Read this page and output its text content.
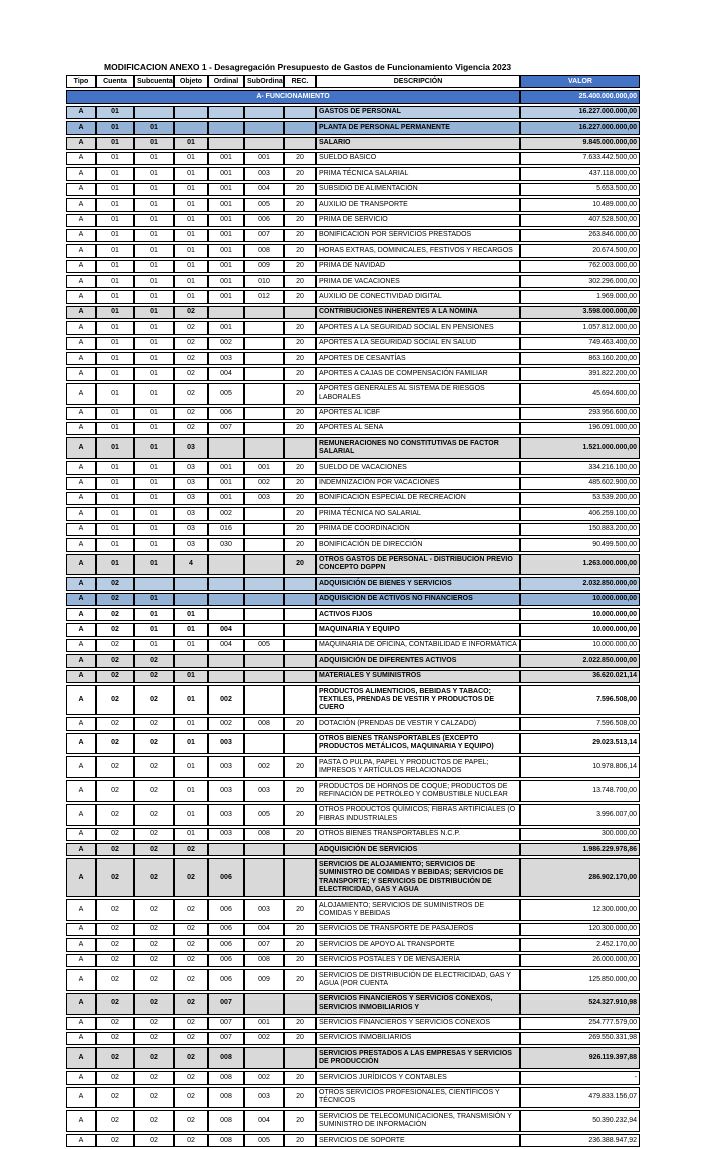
MODIFICACION ANEXO 1 - Desagregación Presupuesto de Gastos de Funcionamiento Vigencia 2023
Tipo	Cuenta	Subcuenta	Objeto	Ordinal	SubOrdinal	REC.	DESCRIPCIÓN	VALOR
A- FUNCIONAMIENTO								25.400.000.000,00
A	01						GASTOS DE PERSONAL	16.227.000.000,00
A	01	01					PLANTA DE PERSONAL PERMANENTE	16.227.000.000,00
A	01	01	01				SALARIO	9.845.000.000,00
A	01	01	01	001	001	20	SUELDO BÁSICO	7.633.442.500,00
A	01	01	01	001	003	20	PRIMA TÉCNICA SALARIAL	437.118.000,00
A	01	01	01	001	004	20	SUBSIDIO DE ALIMENTACIÓN	5.653.500,00
A	01	01	01	001	005	20	AUXILIO DE TRANSPORTE	10.489.000,00
A	01	01	01	001	006	20	PRIMA DE SERVICIO	407.528.500,00
A	01	01	01	001	007	20	BONIFICACIÓN POR SERVICIOS PRESTADOS	263.846.000,00
A	01	01	01	001	008	20	HORAS EXTRAS, DOMINICALES, FESTIVOS Y RECARGOS	20.674.500,00
A	01	01	01	001	009	20	PRIMA DE NAVIDAD	762.003.000,00
A	01	01	01	001	010	20	PRIMA DE VACACIONES	302.296.000,00
A	01	01	01	001	012	20	AUXILIO DE CONECTIVIDAD DIGITAL	1.969.000,00
A	01	01	02				CONTRIBUCIONES INHERENTES A LA NÓMINA	3.598.000.000,00
A	01	01	02	001		20	APORTES A LA SEGURIDAD SOCIAL EN PENSIONES	1.057.812.000,00
A	01	01	02	002		20	APORTES A LA SEGURIDAD SOCIAL EN SALUD	749.463.400,00
A	01	01	02	003		20	APORTES DE CESANTÍAS	863.160.200,00
A	01	01	02	004		20	APORTES A CAJAS DE COMPENSACIÓN FAMILIAR	391.822.200,00
A	01	01	02	005		20	APORTES GENERALES AL SISTEMA DE RIESGOS LABORALES	45.694.600,00
A	01	01	02	006		20	APORTES AL ICBF	293.956.600,00
A	01	01	02	007		20	APORTES AL SENA	196.091.000,00
A	01	01	03				REMUNERACIONES NO CONSTITUTIVAS DE FACTOR SALARIAL	1.521.000.000,00
A	01	01	03	001	001	20	SUELDO DE VACACIONES	334.216.100,00
A	01	01	03	001	002	20	INDEMNIZACIÓN POR VACACIONES	485.602.900,00
A	01	01	03	001	003	20	BONIFICACIÓN ESPECIAL DE RECREACIÓN	53.539.200,00
A	01	01	03	002		20	PRIMA TÉCNICA NO SALARIAL	406.259.100,00
A	01	01	03	016		20	PRIMA DE COORDINACIÓN	150.883.200,00
A	01	01	03	030		20	BONIFICACIÓN DE DIRECCIÓN	90.499.500,00
A	01	01	4			20	OTROS GASTOS DE PERSONAL - DISTRIBUCIÓN PREVIO CONCEPTO DGPPN	1.263.000.000,00
A	02						ADQUISICIÓN DE BIENES Y SERVICIOS	2.032.850.000,00
A	02	01					ADQUISICIÓN DE ACTIVOS NO FINANCIEROS	10.000.000,00
A	02	01	01				ACTIVOS FIJOS	10.000.000,00
A	02	01	01	004			MAQUINARIA Y EQUIPO	10.000.000,00
A	02	01	01	004	005		MAQUINARIA DE OFICINA, CONTABILIDAD E INFORMÁTICA	10.000.000,00
A	02	02					ADQUISICIÓN DE DIFERENTES ACTIVOS	2.022.850.000,00
A	02	02	01				MATERIALES Y SUMINISTROS	36.620.021,14
A	02	02	01	002			PRODUCTOS ALIMENTICIOS, BEBIDAS Y TABACO; TEXTILES, PRENDAS DE VESTIR Y PRODUCTOS DE CUERO	7.596.508,00
A	02	02	01	002	008	20	DOTACIÓN (PRENDAS DE VESTIR Y CALZADO)	7.596.508,00
A	02	02	01	003			OTROS BIENES TRANSPORTABLES (EXCEPTO PRODUCTOS METÁLICOS, MAQUINARIA Y EQUIPO)	29.023.513,14
A	02	02	01	003	002	20	PASTA O PULPA, PAPEL Y PRODUCTOS DE PAPEL; IMPRESOS Y ARTÍCULOS RELACIONADOS	10.978.806,14
A	02	02	01	003	003	20	PRODUCTOS DE HORNOS DE COQUE; PRODUCTOS DE REFINACIÓN DE PETRÓLEO Y COMBUSTIBLE NUCLEAR	13.748.700,00
A	02	02	01	003	005	20	OTROS PRODUCTOS QUÍMICOS; FIBRAS ARTIFICIALES (O FIBRAS INDUSTRIALES	3.996.007,00
A	02	02	01	003	008	20	OTROS BIENES TRANSPORTABLES N.C.P.	300.000,00
A	02	02	02				ADQUISICIÓN DE SERVICIOS	1.986.229.978,86
A	02	02	02	006			SERVICIOS DE ALOJAMIENTO; SERVICIOS DE SUMINISTRO DE COMIDAS Y BEBIDAS; SERVICIOS DE TRANSPORTE; Y SERVICIOS DE DISTRIBUCIÓN DE ELECTRICIDAD, GAS Y AGUA	286.902.170,00
A	02	02	02	006	003	20	ALOJAMIENTO; SERVICIOS DE SUMINISTROS DE COMIDAS Y BEBIDAS	12.300.000,00
A	02	02	02	006	004	20	SERVICIOS DE TRANSPORTE DE PASAJEROS	120.300.000,00
A	02	02	02	006	007	20	SERVICIOS DE APOYO AL TRANSPORTE	2.452.170,00
A	02	02	02	006	008	20	SERVICIOS POSTALES Y DE MENSAJERÍA	26.000.000,00
A	02	02	02	006	009	20	SERVICIOS DE DISTRIBUCIÓN DE ELECTRICIDAD, GAS Y AGUA (POR CUENTA	125.850.000,00
A	02	02	02	007			SERVICIOS FINANCIEROS Y SERVICIOS CONEXOS, SERVICIOS INMOBILIARIOS Y	524.327.910,98
A	02	02	02	007	001	20	SERVICIOS FINANCIEROS Y SERVICIOS CONEXOS	254.777.579,00
A	02	02	02	007	002	20	SERVICIOS INMOBILIARIOS	269.550.331,98
A	02	02	02	008			SERVICIOS PRESTADOS A LAS EMPRESAS Y SERVICIOS DE PRODUCCIÓN	926.119.397,88
A	02	02	02	008	002	20	SERVICIOS JURÍDICOS Y CONTABLES	-
A	02	02	02	008	003	20	OTROS SERVICIOS PROFESIONALES, CIENTÍFICOS Y TÉCNICOS	479.833.156,07
A	02	02	02	008	004	20	SERVICIOS DE TELECOMUNICACIONES, TRANSMISIÓN Y SUMINISTRO DE INFORMACIÓN	50.390.232,94
A	02	02	02	008	005	20	SERVICIOS DE SOPORTE	236.388.947,92
